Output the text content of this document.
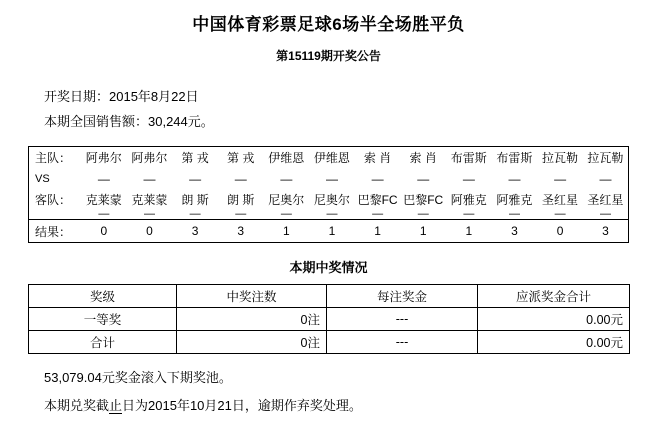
中国体育彩票足球6场半全场胜平负
第15119期开奖公告
开奖日期：2015年8月22日
本期全国销售额：30,244元。
主队：	阿弗尔	阿弗尔	第 戎	第 戎	伊维恩	伊维恩	索 肖	索 肖	布雷斯	布雷斯	拉瓦勒	拉瓦勒
VS	—	—	—	—	—	—	—	—	—	—	—	—
客队：	克莱蒙	克莱蒙	朗 斯	朗 斯	尼奥尔	尼奥尔	巴黎FC	巴黎FC	阿雅克	阿雅克	圣红星	圣红星
	—	—	—	—	—	—	—	—	—	—	—	—
结果：	0	0	3	3	1	1	1	1	1	3	0	3
本期中奖情况
奖级	中奖注数	每注奖金	应派奖金合计
一等奖	0注	---	0.00元
合计	0注	---	0.00元
53,079.04元奖金滚入下期奖池。
本期兑奖截止日为2015年10月21日，逾期作弃奖处理。
